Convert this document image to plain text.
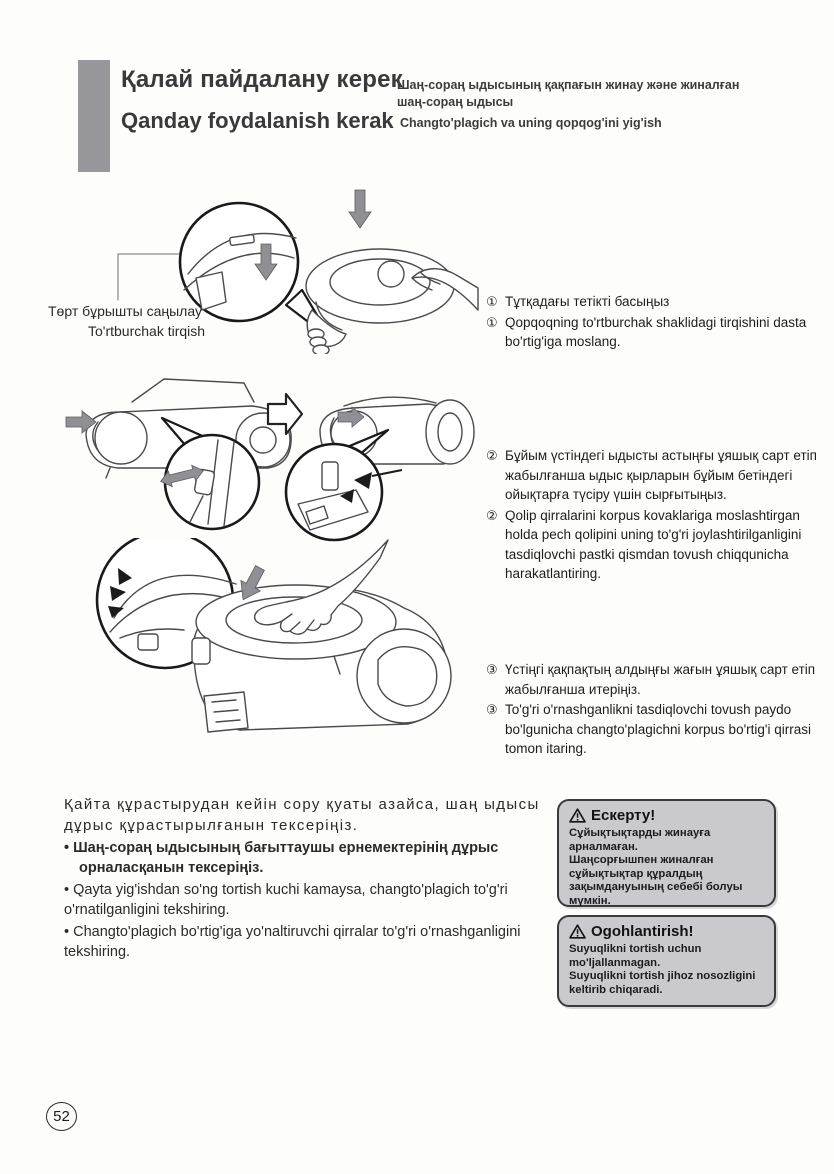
Қалай пайдалану керек
Шаң-сораң ыдысының қақпағын жинау және жиналған шаң-сораң ыдысы
Qanday foydalanish kerak Changto'plagich va uning qopqog'ini yig'ish
Төрт бұрышты саңылау
To'rtburchak tirqish
① Тұтқадағы тетікті басыңыз
① Qopqoqning to'rtburchak shaklidagi tirqishini dasta bo'rtig'iga moslang.
② Бұйым үстіндегі ыдысты астыңғы ұяшық сарт етіп жабылғанша ыдыс қырларын бұйым бетіндегі ойықтарға түсіру үшін сырғытыңыз.
② Qolip qirralarini korpus kovaklariga moslashtirgan holda pech qolipini uning to'g'ri joylashtirilganligini tasdiqlovchi pastki qismdan tovush chiqqunicha harakatlantiring.
③ Үстіңгі қақпақтың алдыңғы жағын ұяшық сарт етіп жабылғанша итеріңіз.
③ To'g'ri o'rnashganlikni tasdiqlovchi tovush paydo bo'lgunicha changto'plagichni korpus bo'rtig'i qirrasi tomon itaring.
Қайта құрастырудан кейін сору қуаты азайса, шаң ыдысы дұрыс құрастырылғанын тексеріңіз.
• Шаң-сораң ыдысының бағыттаушы ернемектерінің дұрыс орналасқанын тексеріңіз.
• Qayta yig'ishdan so'ng tortish kuchi kamaysa, changto'plagich to'g'ri o'rnatilganligini tekshiring.
• Changto'plagich bo'rtig'iga yo'naltiruvchi qirralar to'g'ri o'rnashganligini tekshiring.
Ескерту!
Сұйықтықтарды жинауға
арналмаған.
Шаңсорғышпен жиналған
сұйықтықтар құралдың
зақымдануының себебі болуы
мүмкін.
Ogohlantirish!
Suyuqlikni tortish uchun
mo'ljallanmagan.
Suyuqlikni tortish jihoz nosozligini
keltirib chiqaradi.
52
